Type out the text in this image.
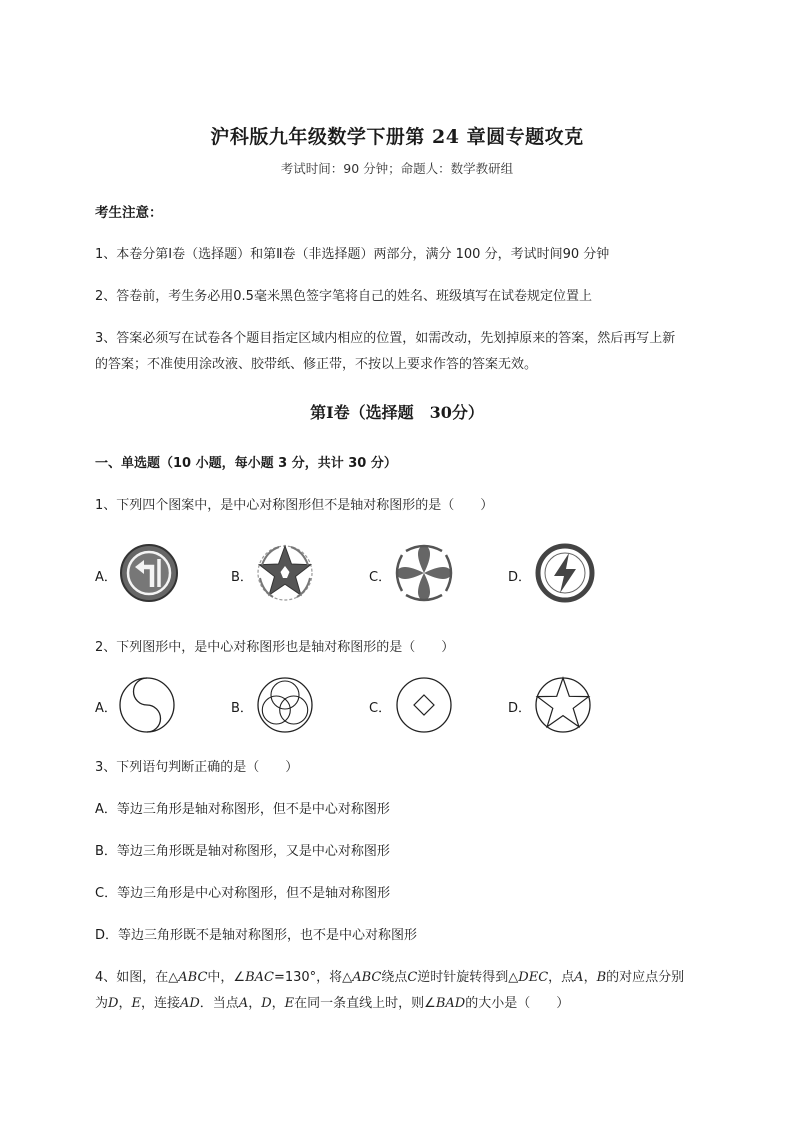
沪科版九年级数学下册第 24 章圆专题攻克
考试时间：90 分钟；命题人：数学教研组
考生注意：
1、本卷分第Ⅰ卷（选择题）和第Ⅱ卷（非选择题）两部分，满分 100 分，考试时间90 分钟
2、答卷前，考生务必用0.5毫米黑色签字笔将自己的姓名、班级填写在试卷规定位置上
3、答案必须写在试卷各个题目指定区域内相应的位置，如需改动，先划掉原来的答案，然后再写上新
的答案；不准使用涂改液、胶带纸、修正带，不按以上要求作答的答案无效。
第Ⅰ卷（选择题　30分）
一、单选题（10 小题，每小题 3 分，共计 30 分）
1、下列四个图案中，是中心对称图形但不是轴对称图形的是（　　）
A．	B．	C．	D．
2、下列图形中，是中心对称图形也是轴对称图形的是（　　）
A．	B．	C．	D．
3、下列语句判断正确的是（　　）
A．等边三角形是轴对称图形，但不是中心对称图形
B．等边三角形既是轴对称图形，又是中心对称图形
C．等边三角形是中心对称图形，但不是轴对称图形
D．等边三角形既不是轴对称图形，也不是中心对称图形
4、如图，在△ABC中，∠BAC=130°，将△ABC绕点C逆时针旋转得到△DEC，点A，B的对应点分别
为D，E，连接AD．当点A，D，E在同一条直线上时，则∠BAD的大小是（　　）
